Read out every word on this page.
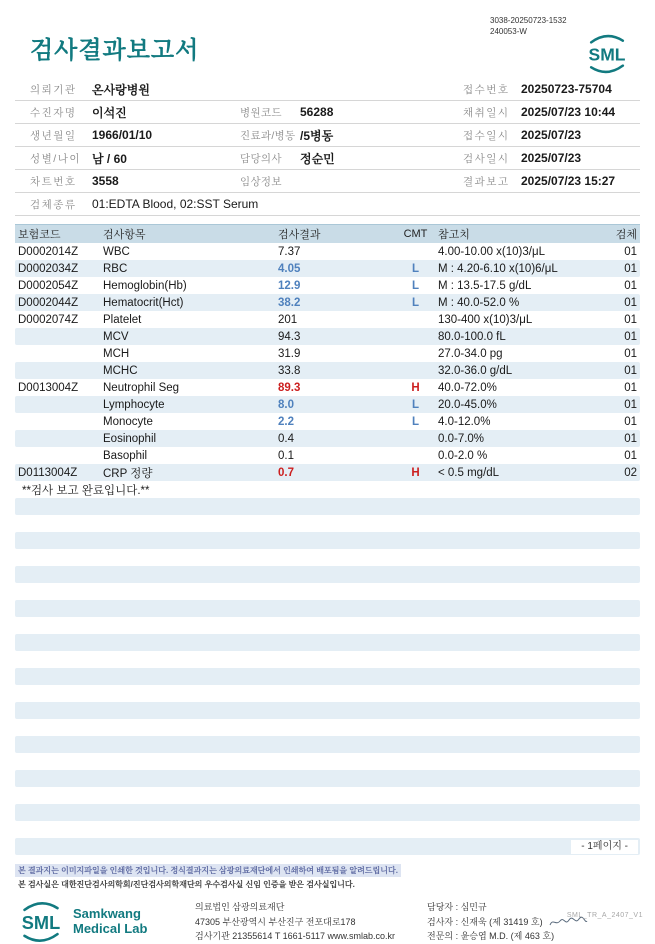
검사결과보고서
3038-20250723-1532
240053-W
SML
의뢰기관	온사랑병원	접수번호 20250723-75704
수진자명	이석진	병원코드	56288	채취일시 2025/07/23 10:44
생년월일	1966/01/10	진료과/병동 /5병동	접수일시 2025/07/23
성별/나이 남 / 60	담당의사	정순민	검사일시 2025/07/23
차트번호	3558	임상정보	결과보고 2025/07/23 15:27
검체종류	01:EDTA Blood, 02:SST Serum
보험코드	검사항목	검사결과	CMT 참고치	검체
D0002014Z	WBC	7.37	4.00-10.00 x(10)3/μL	01
D0002034Z	RBC	4.05	L	M : 4.20-6.10 x(10)6/μL	01
D0002054Z	Hemoglobin(Hb)	12.9	L	M : 13.5-17.5 g/dL	01
D0002044Z	Hematocrit(Hct)	38.2	L	M : 40.0-52.0 %	01
D0002074Z	Platelet	201	130-400 x(10)3/μL	01
MCV	94.3	80.0-100.0 fL	01
MCH	31.9	27.0-34.0 pg	01
MCHC	33.8	32.0-36.0 g/dL	01
D0013004Z	Neutrophil Seg	89.3	H	40.0-72.0%	01
Lymphocyte	8.0	L	20.0-45.0%	01
Monocyte	2.2	L	4.0-12.0%	01
Eosinophil	0.4	0.0-7.0%	01
Basophil	0.1	0.0-2.0 %	01
D0113004Z	CRP 정량	0.7	H	< 0.5 mg/dL	02
**검사 보고 완료입니다.**
- 1페이지 -
본 결과지는 이미지파일을 인쇄한 것입니다. 정식결과지는 삼광의료재단에서 인쇄하여 배포됨을 알려드립니다.
본 검사실은 대한진단검사의학회/진단검사의학재단의 우수검사실 신임 인증을 받은 검사실입니다.
SML Samkwang
Medical Lab
의료법인 삼광의료재단
47305 부산광역시 부산진구 전포대로178
검사기관 21355614 T 1661-5117 www.smlab.co.kr
담당자 : 심민규
검사자 : 신재욱 (제 31419 호)
전문의 : 윤승엽 M.D. (제 463 호)
SML_TR_A_2407_V1
